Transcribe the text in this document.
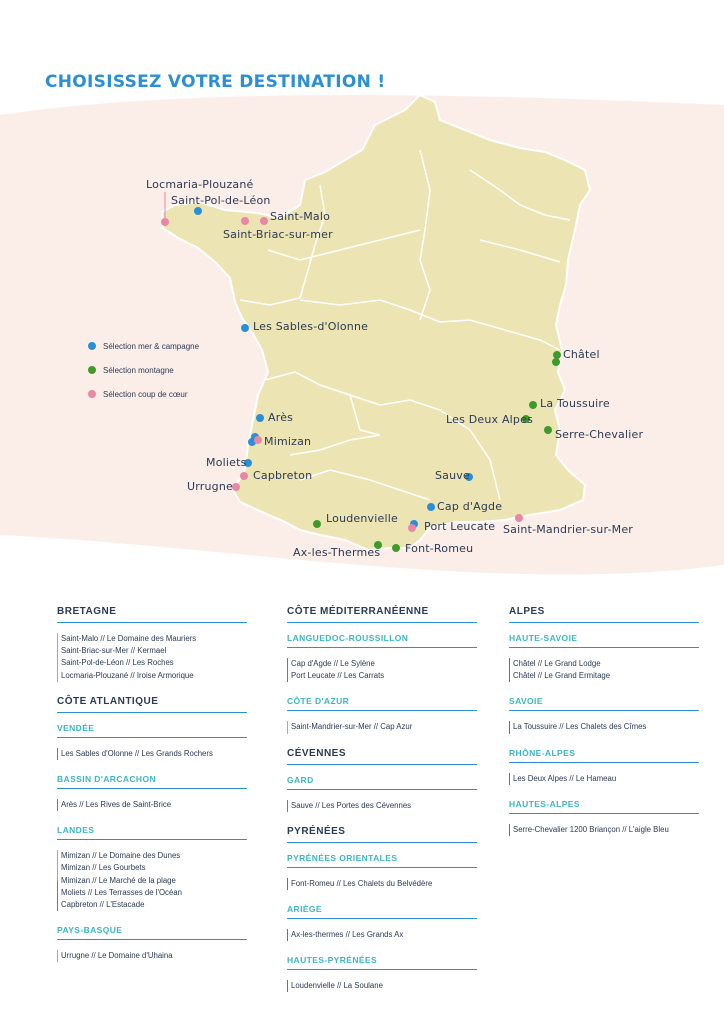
CHOISISSEZ VOTRE DESTINATION !
Locmaria-Plouzané
Saint-Pol-de-Léon
Saint-Malo
Saint-Briac-sur-mer
Les Sables-d'Olonne
Arès
Mimizan
Moliets
Capbreton
Urrugne
Loudenvielle
Ax-les-Thermes Font-Romeu
Port Leucate
Cap d'Agde
Sauve
Saint-Mandrier-sur-Mer
Châtel
La Toussuire
Les Deux Alpes
Serre-Chevalier
Sélection mer & campagne
Sélection montagne
Sélection coup de cœur
BRETAGNE
Saint-Malo // Le Domaine des Mauriers
Saint-Briac-sur-Mer // Kermael
Saint-Pol-de-Léon // Les Roches
Locmaria-Plouzané // Iroise Armorique
CÔTE ATLANTIQUE
VENDÉE
Les Sables d'Olonne // Les Grands Rochers
BASSIN D'ARCACHON
Arès // Les Rives de Saint-Brice
LANDES
Mimizan // Le Domaine des Dunes
Mimizan // Les Gourbets
Mimizan // Le Marché de la plage
Moliets // Les Terrasses de l'Océan
Capbreton // L'Estacade
PAYS-BASQUE
Urrugne // Le Domaine d'Uhaina
CÔTE MÉDITERRANÉENNE
LANGUEDOC-ROUSSILLON
Cap d'Agde // Le Sylène
Port Leucate // Les Carrats
CÔTE D'AZUR
Saint-Mandrier-sur-Mer // Cap Azur
CÉVENNES
GARD
Sauve // Les Portes des Cévennes
PYRÉNÉES
PYRÉNÉES ORIENTALES
Font-Romeu // Les Chalets du Belvédère
ARIÈGE
Ax-les-thermes // Les Grands Ax
HAUTES-PYRÉNÉES
Loudenvielle // La Soulane
ALPES
HAUTE-SAVOIE
Châtel // Le Grand Lodge
Châtel // Le Grand Ermitage
SAVOIE
La Toussuire // Les Chalets des Cîmes
RHÔNE-ALPES
Les Deux Alpes // Le Hameau
HAUTES-ALPES
Serre-Chevalier 1200 Briançon // L'aigle Bleu
